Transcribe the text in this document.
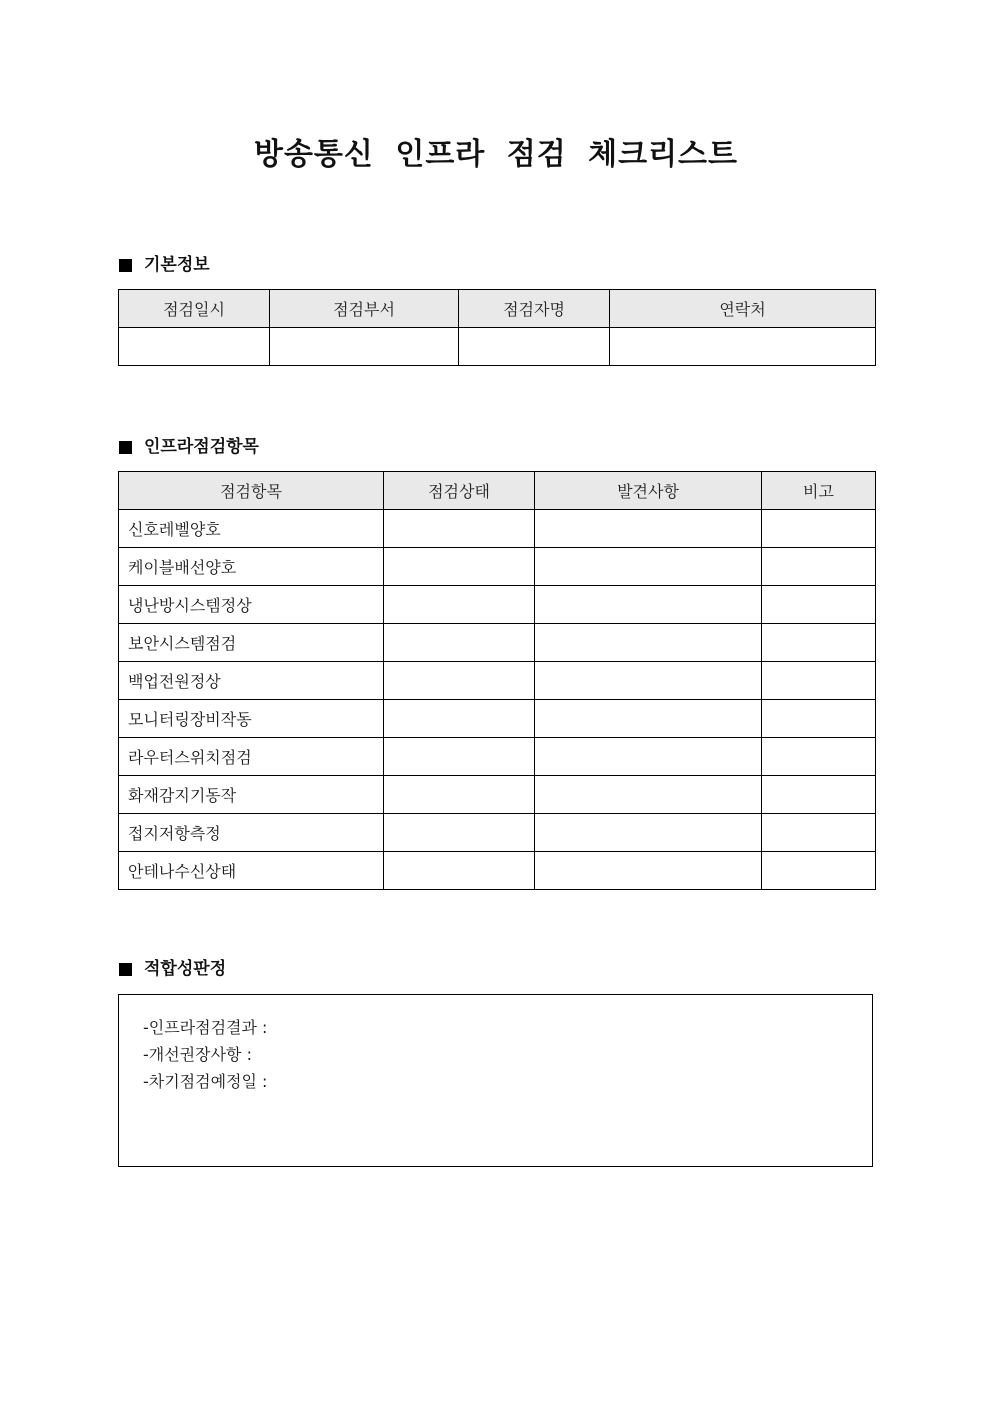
방송통신 인프라 점검 체크리스트
기본정보
점검일시	점검부서	점검자명	연락처

인프라점검항목
점검항목	점검상태	발견사항	비고
신호레벨양호			
케이블배선양호			
냉난방시스템정상			
보안시스템점검			
백업전원정상			
모니터링장비작동			
라우터스위치점검			
화재감지기동작			
접지저항측정			
안테나수신상태			
적합성판정
-인프라점검결과 :
-개선권장사항 :
-차기점검예정일 :
